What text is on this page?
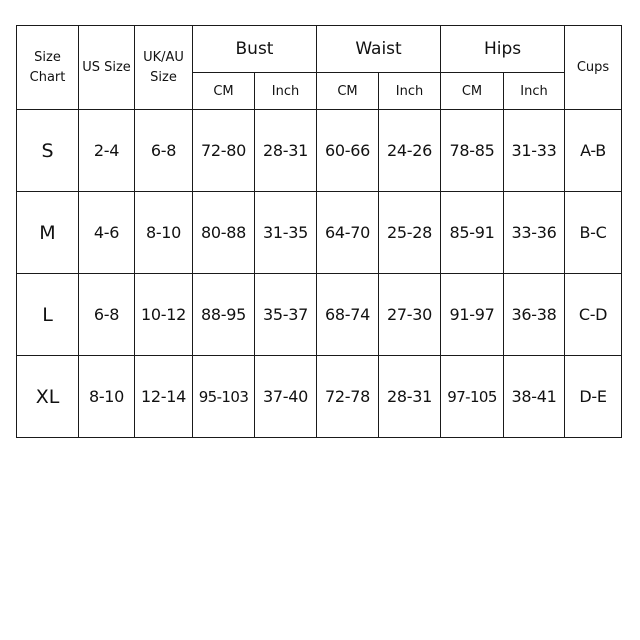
Size Chart	US Size	UK/AU Size	Bust		Waist		Hips		Cups
			CM	Inch	CM	Inch	CM	Inch	
S	2-4	6-8	72-80	28-31	60-66	24-26	78-85	31-33	A-B
M	4-6	8-10	80-88	31-35	64-70	25-28	85-91	33-36	B-C
L	6-8	10-12	88-95	35-37	68-74	27-30	91-97	36-38	C-D
XL	8-10	12-14	95-103	37-40	72-78	28-31	97-105	38-41	D-E
